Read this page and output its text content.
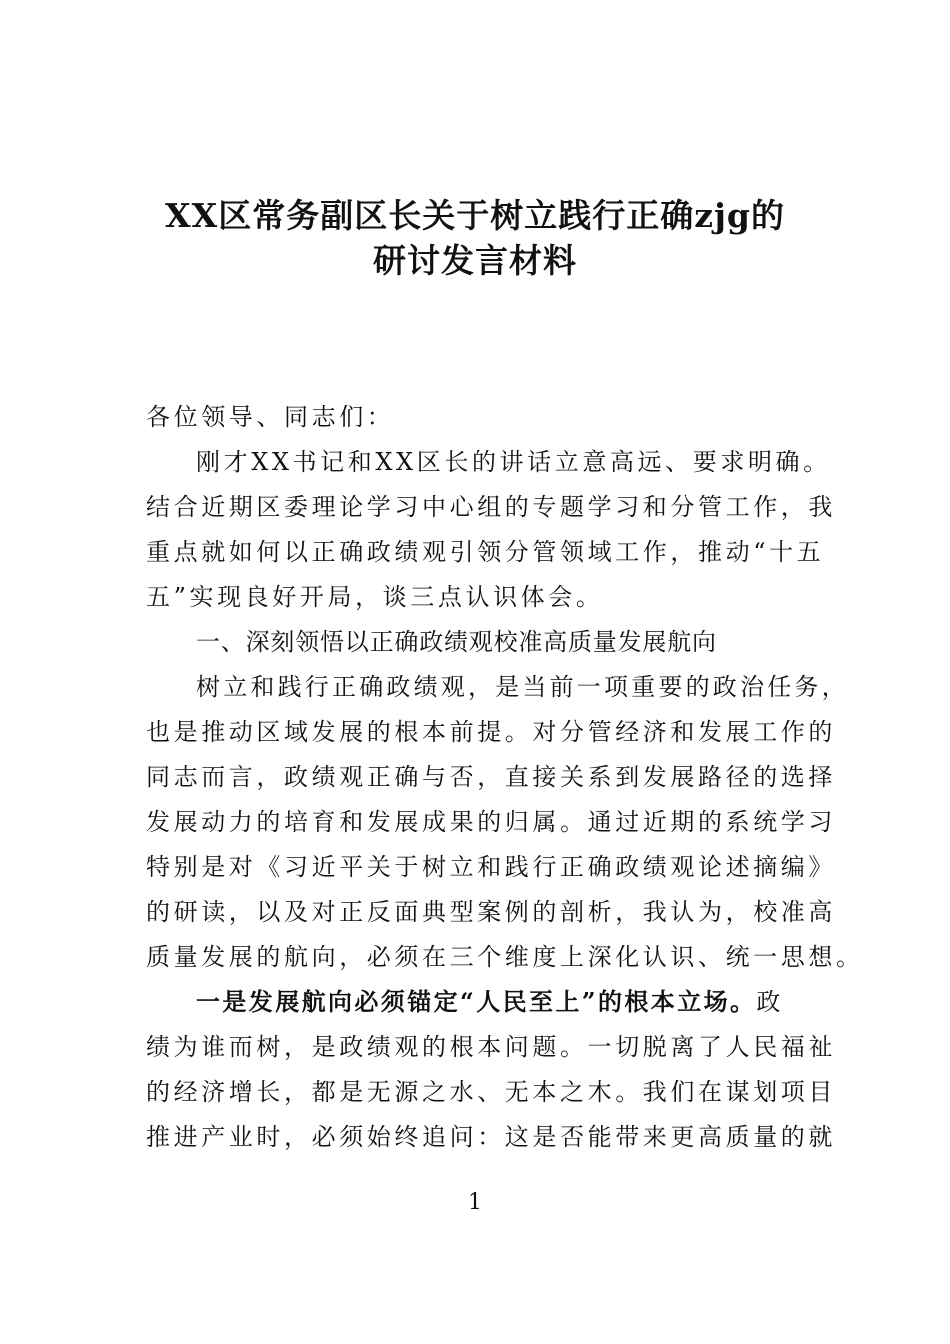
XX区常务副区长关于树立践行正确zjg的
研讨发言材料
各位领导、同志们：
刚才XX书记和XX区长的讲话立意高远、要求明确。
结合近期区委理论学习中心组的专题学习和分管工作，我
重点就如何以正确政绩观引领分管领域工作，推动“十五
五”实现良好开局，谈三点认识体会。
一、深刻领悟以正确政绩观校准高质量发展航向
树立和践行正确政绩观，是当前一项重要的政治任务，
也是推动区域发展的根本前提。对分管经济和发展工作的
同志而言，政绩观正确与否，直接关系到发展路径的选择
发展动力的培育和发展成果的归属。通过近期的系统学习
特别是对《习近平关于树立和践行正确政绩观论述摘编》
的研读，以及对正反面典型案例的剖析，我认为，校准高
质量发展的航向，必须在三个维度上深化认识、统一思想。
一是发展航向必须锚定“人民至上”的根本立场。政
绩为谁而树，是政绩观的根本问题。一切脱离了人民福祉
的经济增长，都是无源之水、无本之木。我们在谋划项目
推进产业时，必须始终追问：这是否能带来更高质量的就
1
